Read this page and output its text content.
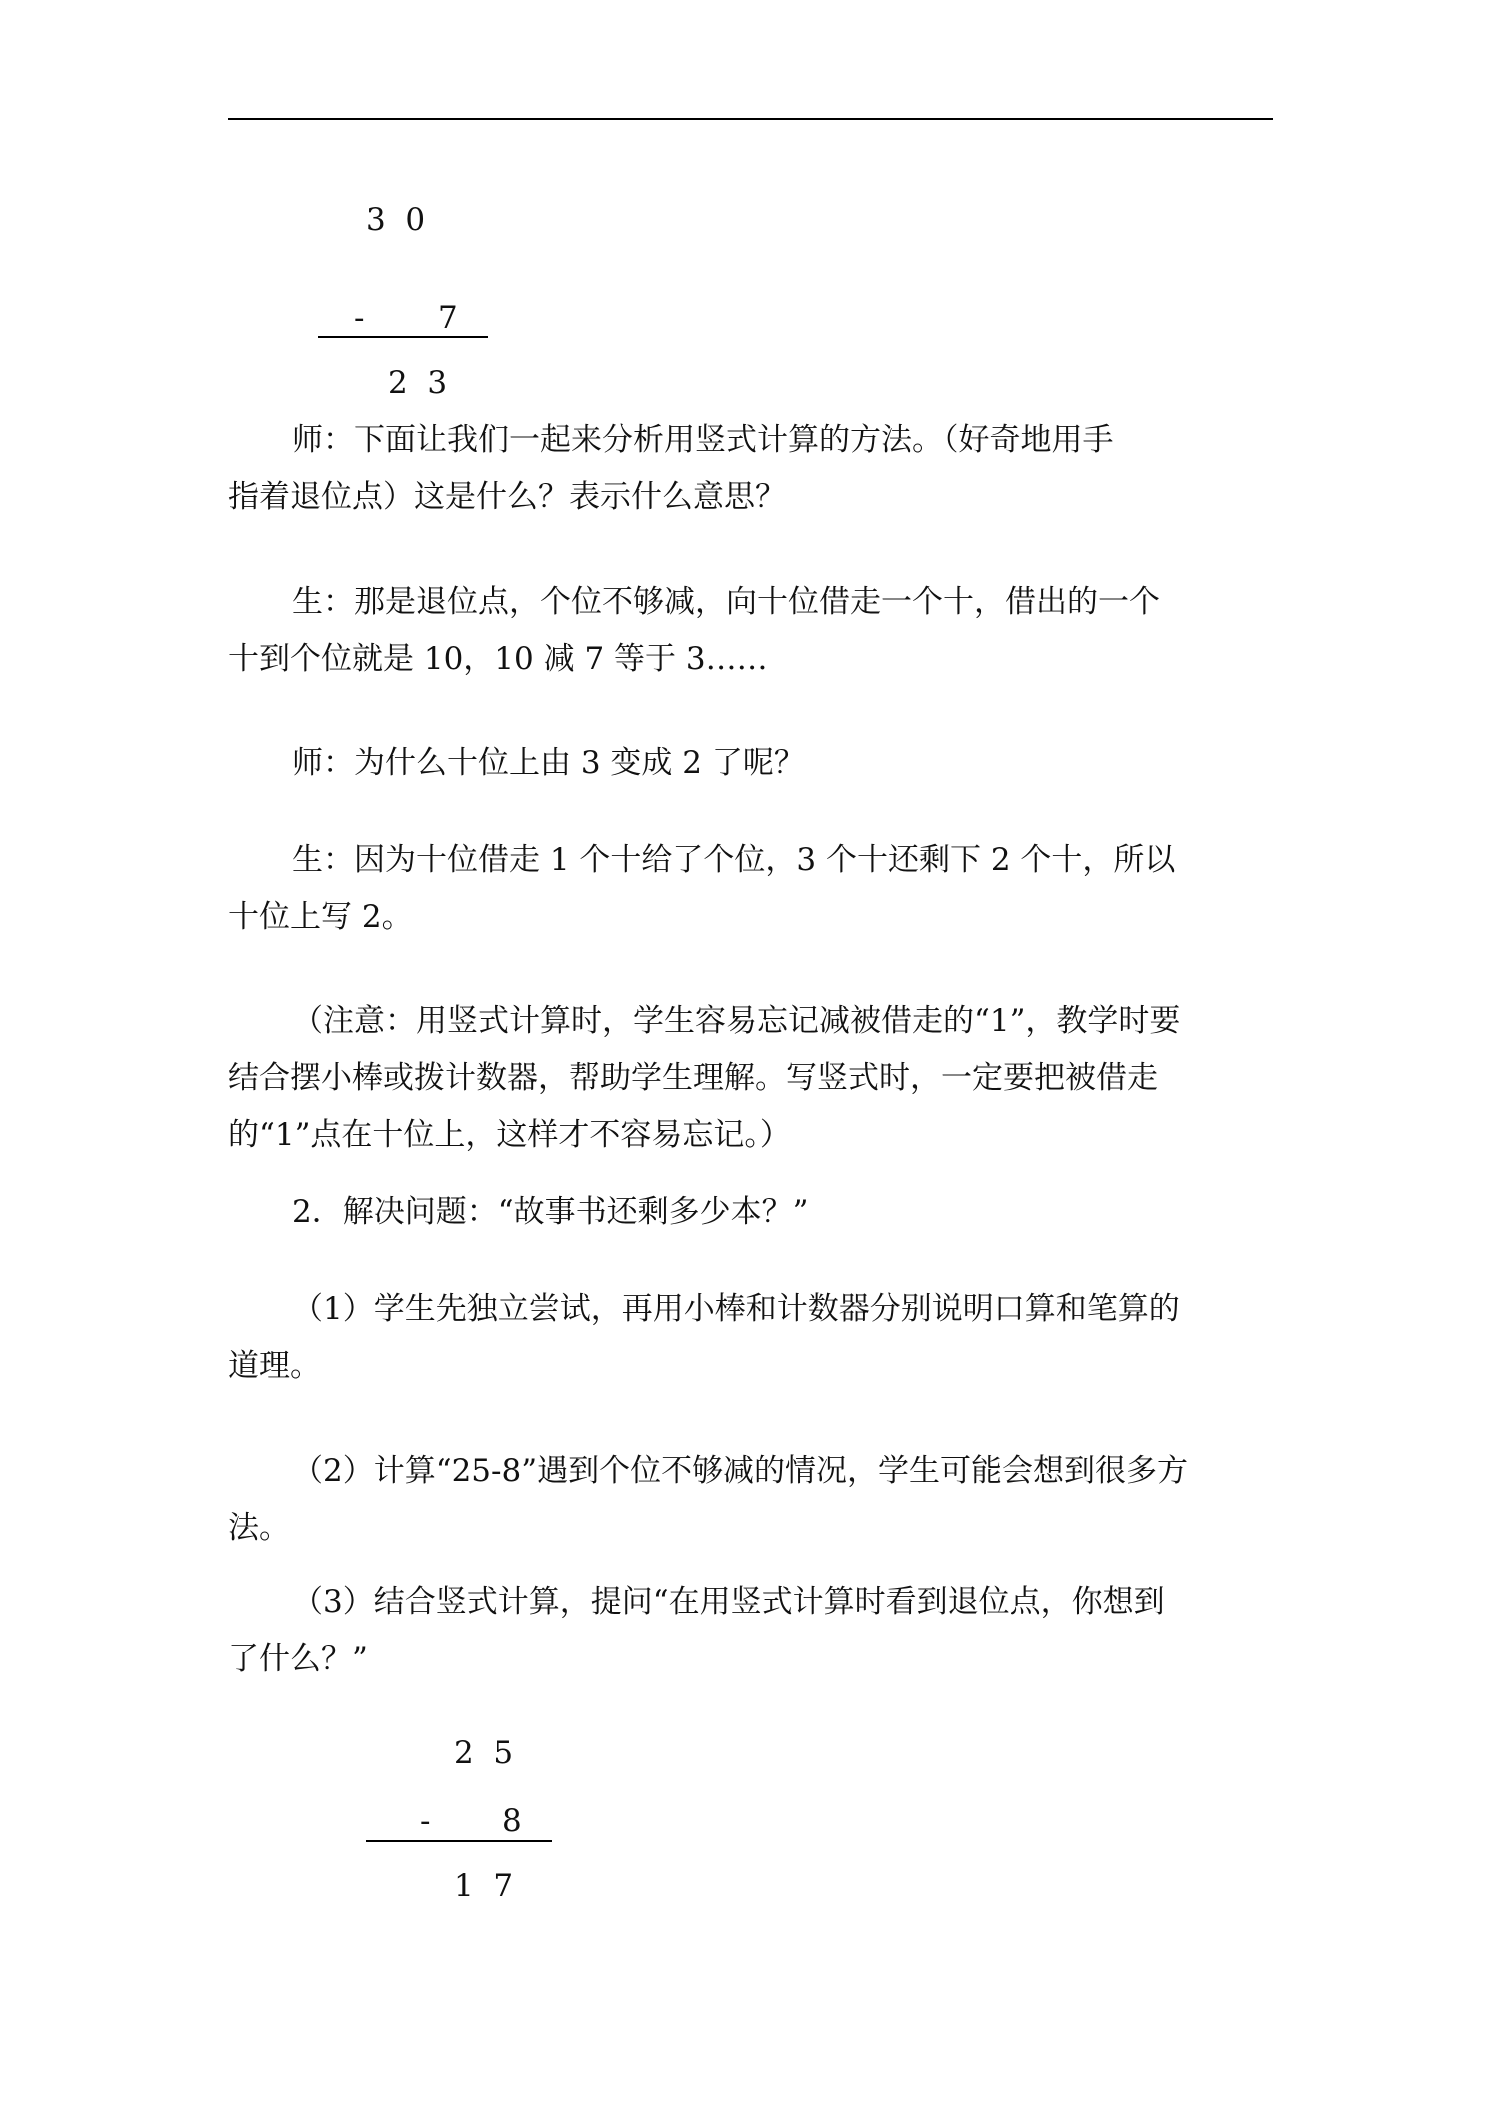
3  0
- 7
2  3
师：下面让我们一起来分析用竖式计算的方法。（好奇地用手
指着退位点）这是什么？表示什么意思？
生：那是退位点，个位不够减，向十位借走一个十，借出的一个
十到个位就是 10，10 减 7 等于 3……
师：为什么十位上由 3 变成 2 了呢？
生：因为十位借走 1 个十给了个位，3 个十还剩下 2 个十，所以
十位上写 2。
（注意：用竖式计算时，学生容易忘记减被借走的“1”，教学时要
结合摆小棒或拨计数器，帮助学生理解。写竖式时，一定要把被借走
的“1”点在十位上，这样才不容易忘记。）
2．解决问题：“故事书还剩多少本？”
（1）学生先独立尝试，再用小棒和计数器分别说明口算和笔算的
道理。
（2）计算“25-8”遇到个位不够减的情况，学生可能会想到很多方
法。
（3）结合竖式计算，提问“在用竖式计算时看到退位点，你想到
了什么？”
2  5
- 8
1  7
